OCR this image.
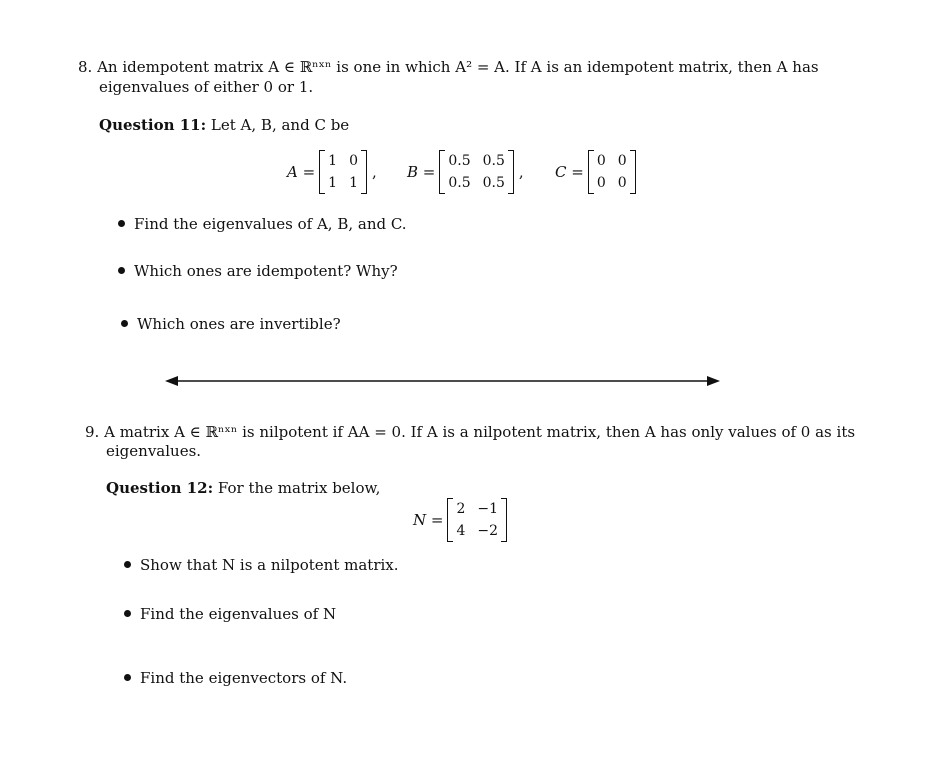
8. An idempotent matrix A ∈ ℝⁿˣⁿ is one in which A² = A. If A is an idempotent matrix, then A has
eigenvalues of either 0 or 1.
Question 11: Let A, B, and C be
A =
1 0
1 1
, B =
0.5 0.5
0.5 0.5
, C =
0 0
0 0
Find the eigenvalues of A, B, and C.
Which ones are idempotent? Why?
Which ones are invertible?
9. A matrix A ∈ ℝⁿˣⁿ is nilpotent if AA = 0. If A is a nilpotent matrix, then A has only values of 0 as its
eigenvalues.
Question 12: For the matrix below,
N =
2 −1
4 −2
Show that N is a nilpotent matrix.
Find the eigenvalues of N
Find the eigenvectors of N.
